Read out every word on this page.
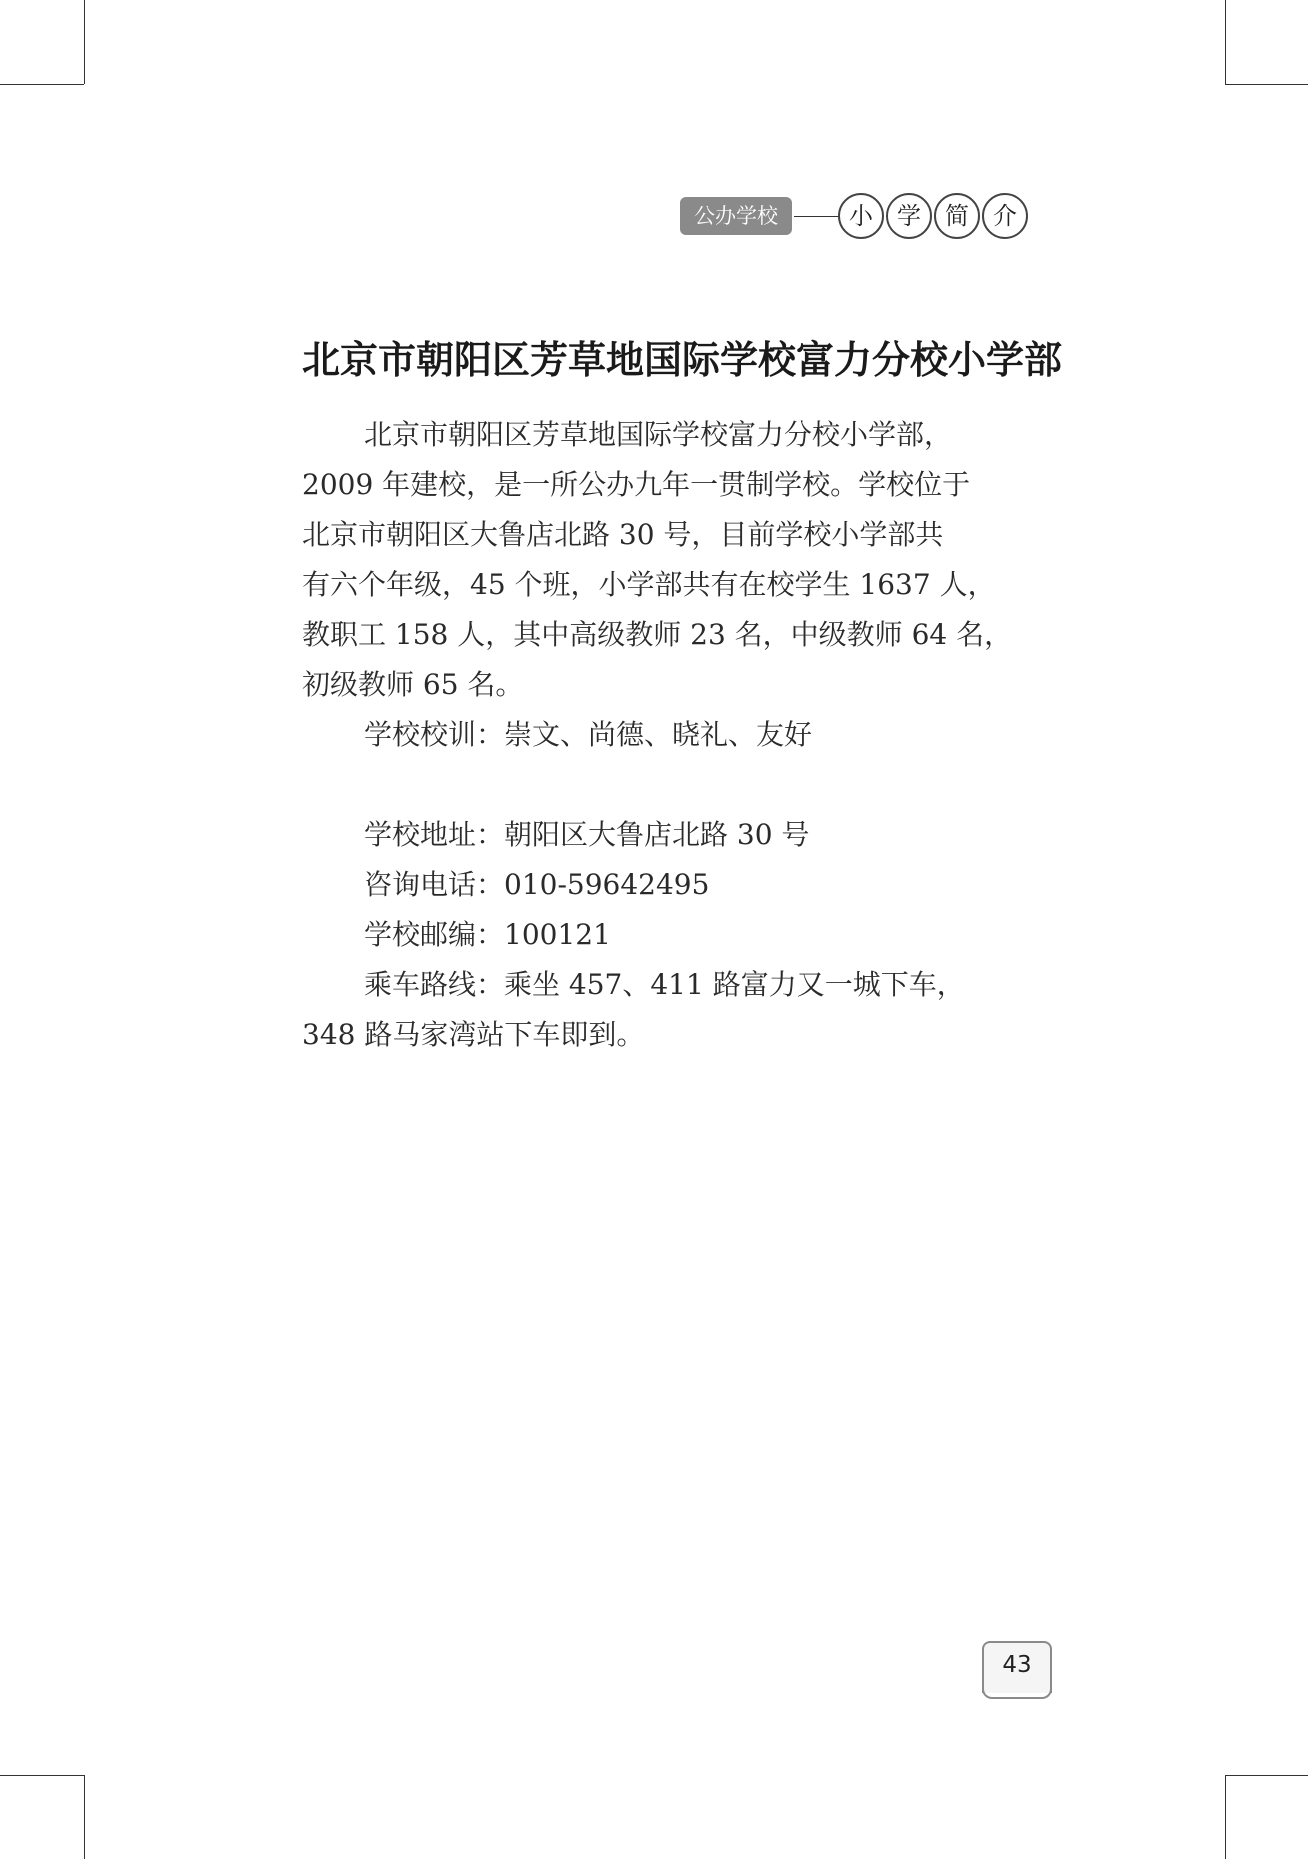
公办学校	小	学	简	介
北京市朝阳区芳草地国际学校富力分校小学部

北京市朝阳区芳草地国际学校富力分校小学部，

2009 年建校，是一所公办九年一贯制学校。学校位于

北京市朝阳区大鲁店北路 30 号，目前学校小学部共

有六个年级，45 个班，小学部共有在校学生 1637 人，

教职工 158 人，其中高级教师 23 名，中级教师 64 名，

初级教师 65 名。

学校校训：崇文、尚德、晓礼、友好

学校地址：朝阳区大鲁店北路 30 号

咨询电话：010-59642495

学校邮编：100121

乘车路线：乘坐 457、411 路富力又一城下车，

348 路马家湾站下车即到。

43
